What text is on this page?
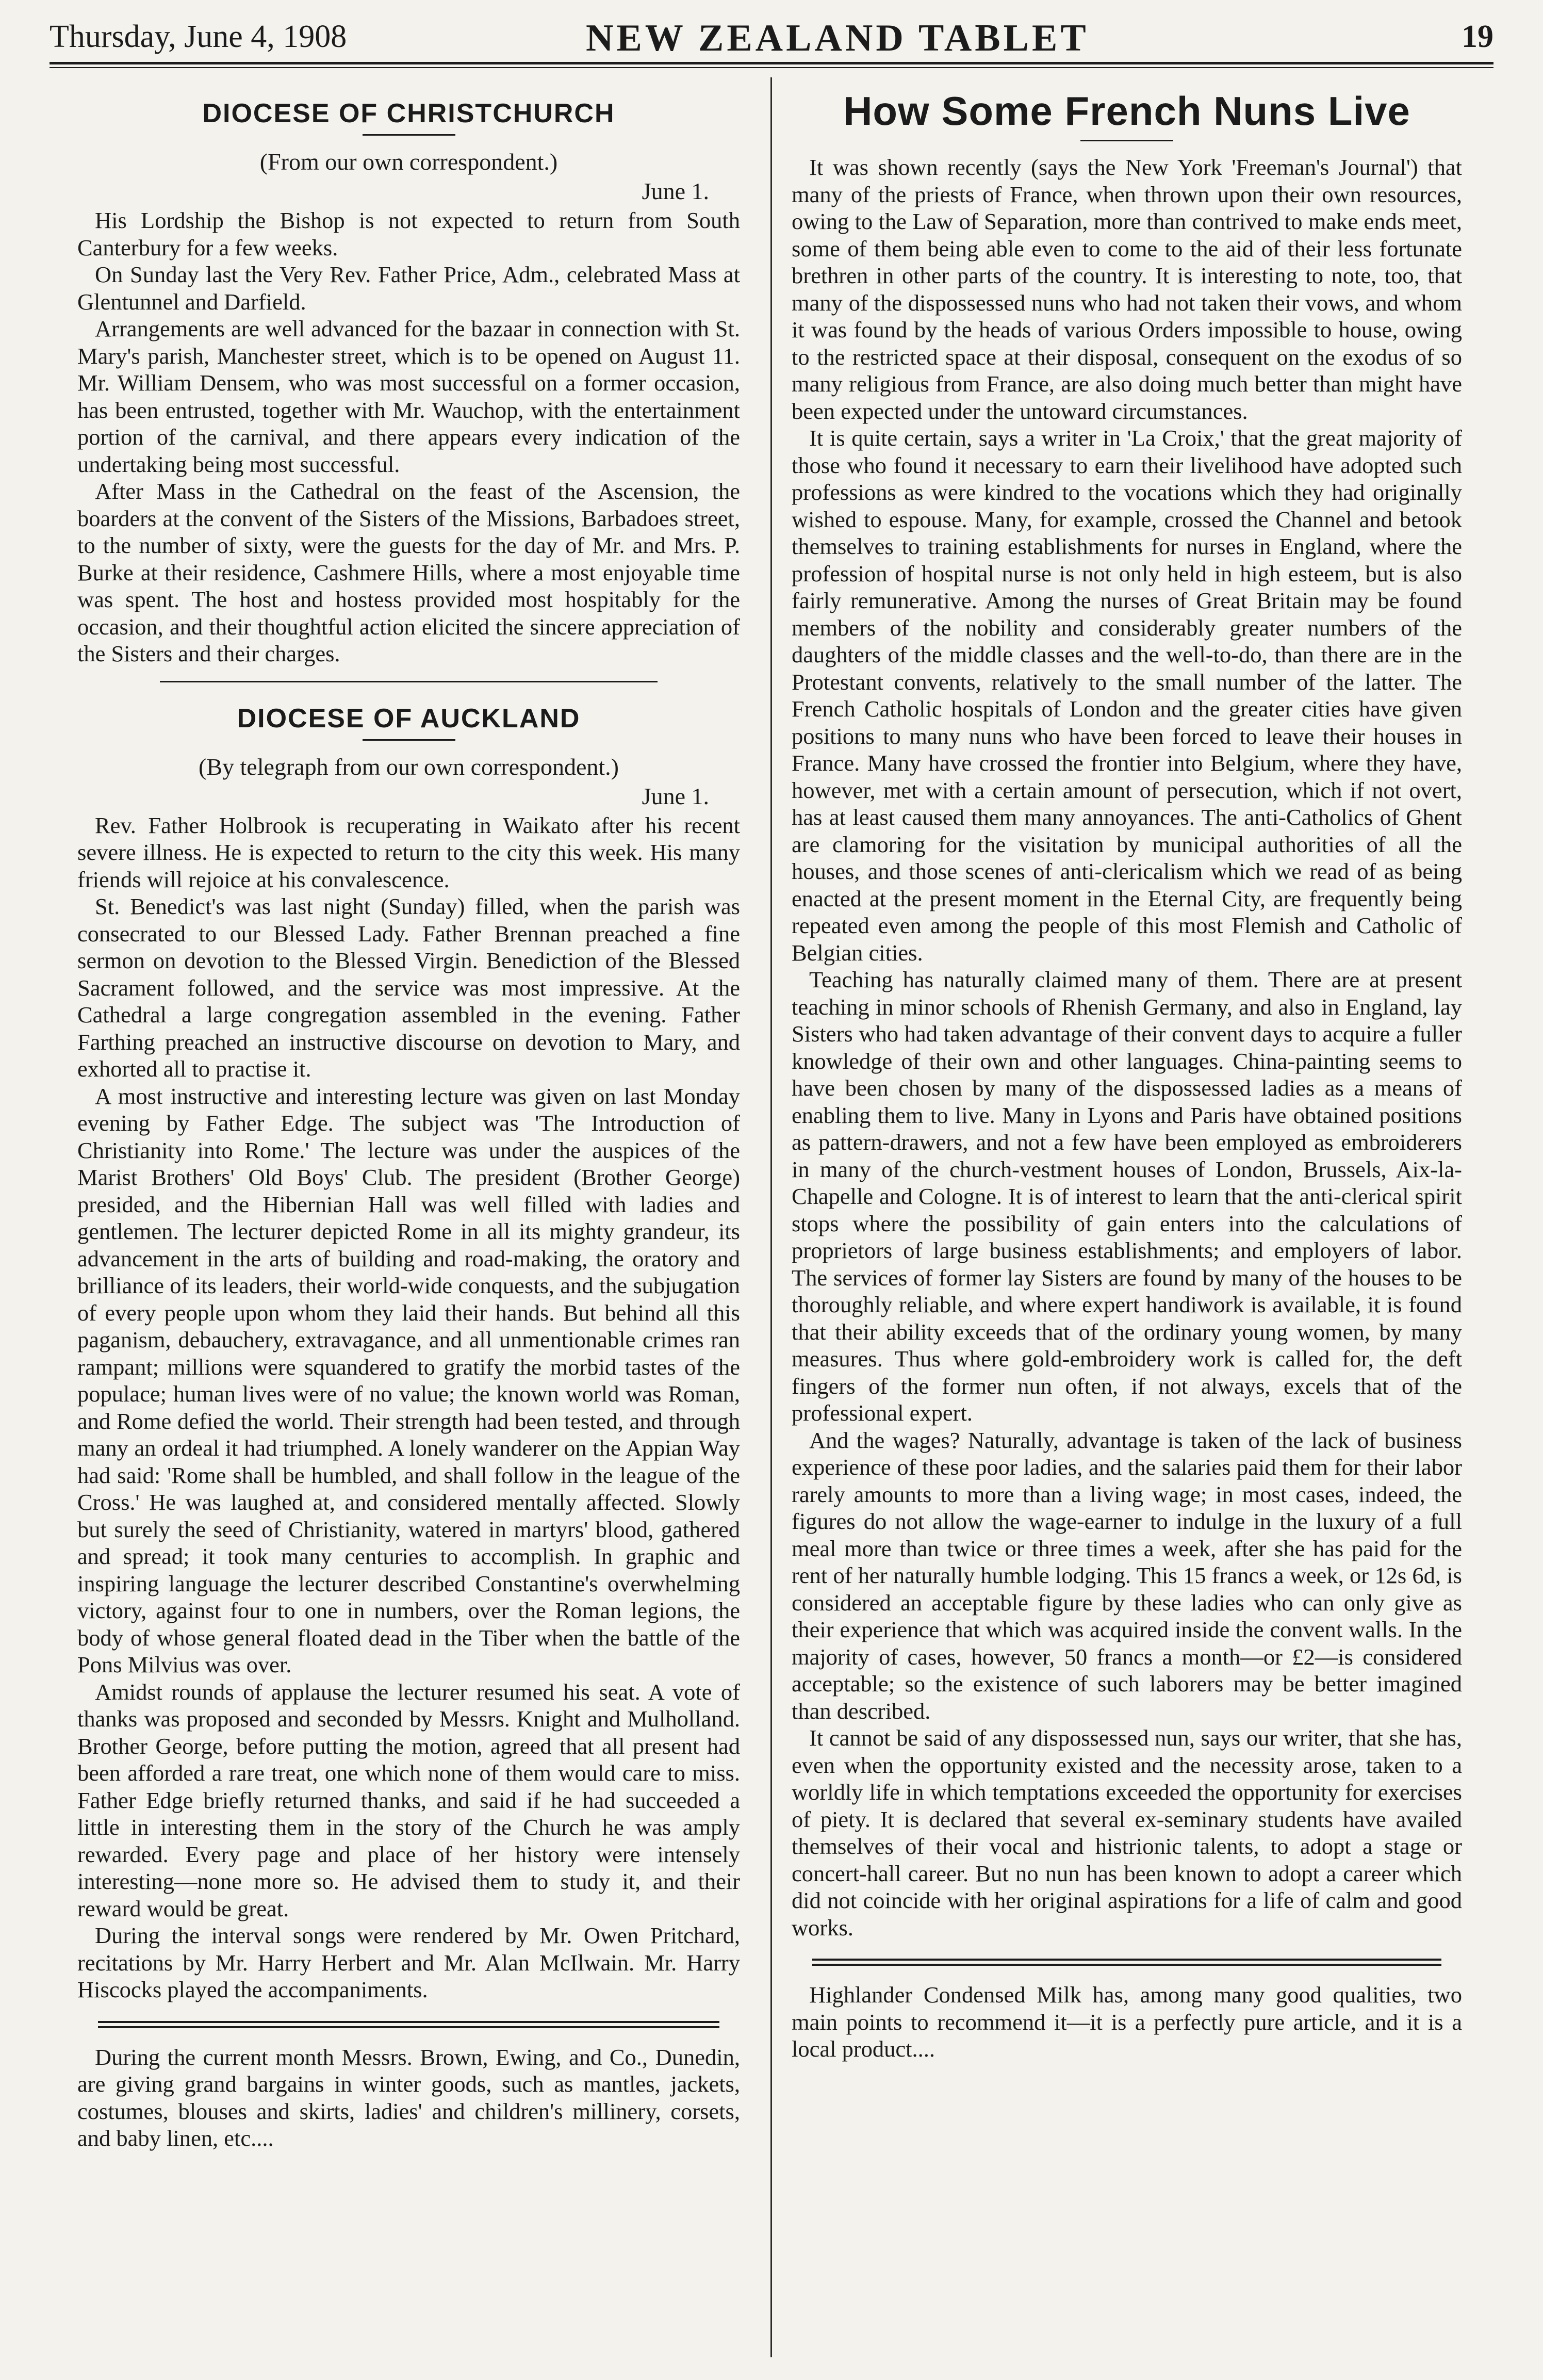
Thursday, June 4, 1908	NEW ZEALAND TABLET	19
DIOCESE OF CHRISTCHURCH
(From our own correspondent.)
June 1.

His Lordship the Bishop is not expected to return from South Canterbury for a few weeks.

On Sunday last the Very Rev. Father Price, Adm., celebrated Mass at Glentunnel and Darfield.

Arrangements are well advanced for the bazaar in connection with St. Mary's parish, Manchester street, which is to be opened on August 11. Mr. William Densem, who was most successful on a former occasion, has been entrusted, together with Mr. Wauchop, with the entertainment portion of the carnival, and there appears every indication of the undertaking being most successful.

After Mass in the Cathedral on the feast of the Ascension, the boarders at the convent of the Sisters of the Missions, Barbadoes street, to the number of sixty, were the guests for the day of Mr. and Mrs. P. Burke at their residence, Cashmere Hills, where a most enjoyable time was spent. The host and hostess provided most hospitably for the occasion, and their thoughtful action elicited the sincere appreciation of the Sisters and their charges.

DIOCESE OF AUCKLAND
(By telegraph from our own correspondent.)
June 1.

Rev. Father Holbrook is recuperating in Waikato after his recent severe illness. He is expected to return to the city this week. His many friends will rejoice at his convalescence.

St. Benedict's was last night (Sunday) filled, when the parish was consecrated to our Blessed Lady. Father Brennan preached a fine sermon on devotion to the Blessed Virgin. Benediction of the Blessed Sacrament followed, and the service was most impressive. At the Cathedral a large congregation assembled in the evening. Father Farthing preached an instructive discourse on devotion to Mary, and exhorted all to practise it.

A most instructive and interesting lecture was given on last Monday evening by Father Edge. The subject was 'The Introduction of Christianity into Rome.' The lecture was under the auspices of the Marist Brothers' Old Boys' Club. The president (Brother George) presided, and the Hibernian Hall was well filled with ladies and gentlemen. The lecturer depicted Rome in all its mighty grandeur, its advancement in the arts of building and road-making, the oratory and brilliance of its leaders, their world-wide conquests, and the subjugation of every people upon whom they laid their hands. But behind all this paganism, debauchery, extravagance, and all unmentionable crimes ran rampant; millions were squandered to gratify the morbid tastes of the populace; human lives were of no value; the known world was Roman, and Rome defied the world. Their strength had been tested, and through many an ordeal it had triumphed. A lonely wanderer on the Appian Way had said: 'Rome shall be humbled, and shall follow in the league of the Cross.' He was laughed at, and considered mentally affected. Slowly but surely the seed of Christianity, watered in martyrs' blood, gathered and spread; it took many centuries to accomplish. In graphic and inspiring language the lecturer described Constantine's overwhelming victory, against four to one in numbers, over the Roman legions, the body of whose general floated dead in the Tiber when the battle of the Pons Milvius was over.

Amidst rounds of applause the lecturer resumed his seat. A vote of thanks was proposed and seconded by Messrs. Knight and Mulholland. Brother George, before putting the motion, agreed that all present had been afforded a rare treat, one which none of them would care to miss. Father Edge briefly returned thanks, and said if he had succeeded a little in interesting them in the story of the Church he was amply rewarded. Every page and place of her history were intensely interesting—none more so. He advised them to study it, and their reward would be great.

During the interval songs were rendered by Mr. Owen Pritchard, recitations by Mr. Harry Herbert and Mr. Alan McIlwain. Mr. Harry Hiscocks played the accompaniments.

During the current month Messrs. Brown, Ewing, and Co., Dunedin, are giving grand bargains in winter goods, such as mantles, jackets, costumes, blouses and skirts, ladies' and children's millinery, corsets, and baby linen, etc....

How Some French Nuns Live

It was shown recently (says the New York 'Freeman's Journal') that many of the priests of France, when thrown upon their own resources, owing to the Law of Separation, more than contrived to make ends meet, some of them being able even to come to the aid of their less fortunate brethren in other parts of the country. It is interesting to note, too, that many of the dispossessed nuns who had not taken their vows, and whom it was found by the heads of various Orders impossible to house, owing to the restricted space at their disposal, consequent on the exodus of so many religious from France, are also doing much better than might have been expected under the untoward circumstances.

It is quite certain, says a writer in 'La Croix,' that the great majority of those who found it necessary to earn their livelihood have adopted such professions as were kindred to the vocations which they had originally wished to espouse. Many, for example, crossed the Channel and betook themselves to training establishments for nurses in England, where the profession of hospital nurse is not only held in high esteem, but is also fairly remunerative. Among the nurses of Great Britain may be found members of the nobility and considerably greater numbers of the daughters of the middle classes and the well-to-do, than there are in the Protestant convents, relatively to the small number of the latter. The French Catholic hospitals of London and the greater cities have given positions to many nuns who have been forced to leave their houses in France. Many have crossed the frontier into Belgium, where they have, however, met with a certain amount of persecution, which if not overt, has at least caused them many annoyances. The anti-Catholics of Ghent are clamoring for the visitation by municipal authorities of all the houses, and those scenes of anti-clericalism which we read of as being enacted at the present moment in the Eternal City, are frequently being repeated even among the people of this most Flemish and Catholic of Belgian cities.

Teaching has naturally claimed many of them. There are at present teaching in minor schools of Rhenish Germany, and also in England, lay Sisters who had taken advantage of their convent days to acquire a fuller knowledge of their own and other languages. China-painting seems to have been chosen by many of the dispossessed ladies as a means of enabling them to live. Many in Lyons and Paris have obtained positions as pattern-drawers, and not a few have been employed as embroiderers in many of the church-vestment houses of London, Brussels, Aix-la-Chapelle and Cologne. It is of interest to learn that the anti-clerical spirit stops where the possibility of gain enters into the calculations of proprietors of large business establishments; and employers of labor. The services of former lay Sisters are found by many of the houses to be thoroughly reliable, and where expert handiwork is available, it is found that their ability exceeds that of the ordinary young women, by many measures. Thus where gold-embroidery work is called for, the deft fingers of the former nun often, if not always, excels that of the professional expert.

And the wages? Naturally, advantage is taken of the lack of business experience of these poor ladies, and the salaries paid them for their labor rarely amounts to more than a living wage; in most cases, indeed, the figures do not allow the wage-earner to indulge in the luxury of a full meal more than twice or three times a week, after she has paid for the rent of her naturally humble lodging. This 15 francs a week, or 12s 6d, is considered an acceptable figure by these ladies who can only give as their experience that which was acquired inside the convent walls. In the majority of cases, however, 50 francs a month—or £2—is considered acceptable; so the existence of such laborers may be better imagined than described.

It cannot be said of any dispossessed nun, says our writer, that she has, even when the opportunity existed and the necessity arose, taken to a worldly life in which temptations exceeded the opportunity for exercises of piety. It is declared that several ex-seminary students have availed themselves of their vocal and histrionic talents, to adopt a stage or concert-hall career. But no nun has been known to adopt a career which did not coincide with her original aspirations for a life of calm and good works.

Highlander Condensed Milk has, among many good qualities, two main points to recommend it—it is a perfectly pure article, and it is a local product....
